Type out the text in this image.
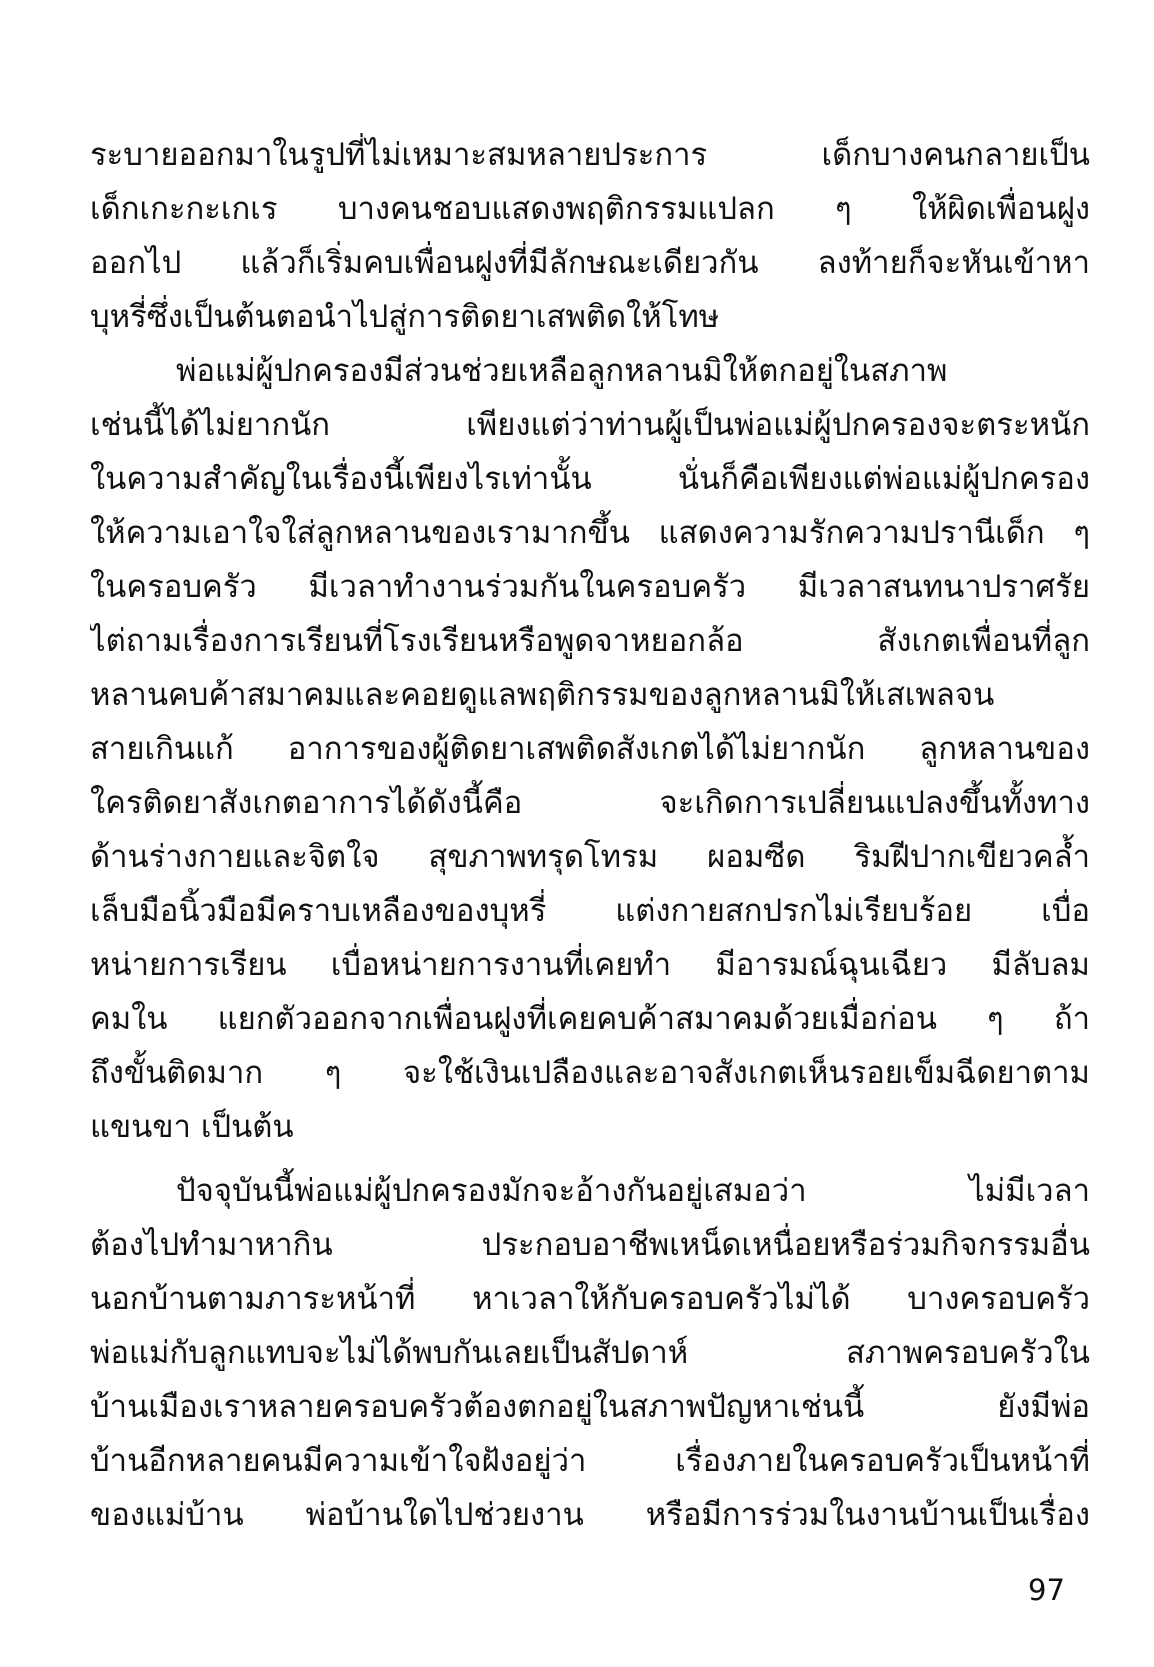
ระบายออกมาในรูปที่ไม่เหมาะสมหลายประการ เด็กบางคนกลายเป็น
เด็กเกะกะเกเร บางคนชอบแสดงพฤติกรรมแปลก ๆ ให้ผิดเพื่อนฝูง
ออกไป แล้วก็เริ่มคบเพื่อนฝูงที่มีลักษณะเดียวกัน ลงท้ายก็จะหันเข้าหา
บุหรี่ซึ่งเป็นต้นตอนำไปสู่การติดยาเสพติดให้โทษ
พ่อแม่ผู้ปกครองมีส่วนช่วยเหลือลูกหลานมิให้ตกอยู่ในสภาพ
เช่นนี้ได้ไม่ยากนัก เพียงแต่ว่าท่านผู้เป็นพ่อแม่ผู้ปกครองจะตระหนัก
ในความสำคัญในเรื่องนี้เพียงไรเท่านั้น นั่นก็คือเพียงแต่พ่อแม่ผู้ปกครอง
ให้ความเอาใจใส่ลูกหลานของเรามากขึ้น แสดงความรักความปรานีเด็ก ๆ
ในครอบครัว มีเวลาทำงานร่วมกันในครอบครัว มีเวลาสนทนาปราศรัย
ไต่ถามเรื่องการเรียนที่โรงเรียนหรือพูดจาหยอกล้อ สังเกตเพื่อนที่ลูก
หลานคบค้าสมาคมและคอยดูแลพฤติกรรมของลูกหลานมิให้เสเพลจน
สายเกินแก้ อาการของผู้ติดยาเสพติดสังเกตได้ไม่ยากนัก ลูกหลานของ
ใครติดยาสังเกตอาการได้ดังนี้คือ จะเกิดการเปลี่ยนแปลงขึ้นทั้งทาง
ด้านร่างกายและจิตใจ สุขภาพทรุดโทรม ผอมซีด ริมฝีปากเขียวคล้ำ
เล็บมือนิ้วมือมีคราบเหลืองของบุหรี่ แต่งกายสกปรกไม่เรียบร้อย เบื่อ
หน่ายการเรียน เบื่อหน่ายการงานที่เคยทำ มีอารมณ์ฉุนเฉียว มีลับลม
คมใน แยกตัวออกจากเพื่อนฝูงที่เคยคบค้าสมาคมด้วยเมื่อก่อน ๆ ถ้า
ถึงขั้นติดมาก ๆ จะใช้เงินเปลืองและอาจสังเกตเห็นรอยเข็มฉีดยาตาม
แขนขา เป็นต้น
ปัจจุบันนี้พ่อแม่ผู้ปกครองมักจะอ้างกันอยู่เสมอว่า ไม่มีเวลา
ต้องไปทำมาหากิน ประกอบอาชีพเหน็ดเหนื่อยหรือร่วมกิจกรรมอื่น
นอกบ้านตามภาระหน้าที่ หาเวลาให้กับครอบครัวไม่ได้ บางครอบครัว
พ่อแม่กับลูกแทบจะไม่ได้พบกันเลยเป็นสัปดาห์ สภาพครอบครัวใน
บ้านเมืองเราหลายครอบครัวต้องตกอยู่ในสภาพปัญหาเช่นนี้ ยังมีพ่อ
บ้านอีกหลายคนมีความเข้าใจฝังอยู่ว่า เรื่องภายในครอบครัวเป็นหน้าที่
ของแม่บ้าน พ่อบ้านใดไปช่วยงาน หรือมีการร่วมในงานบ้านเป็นเรื่อง
97
